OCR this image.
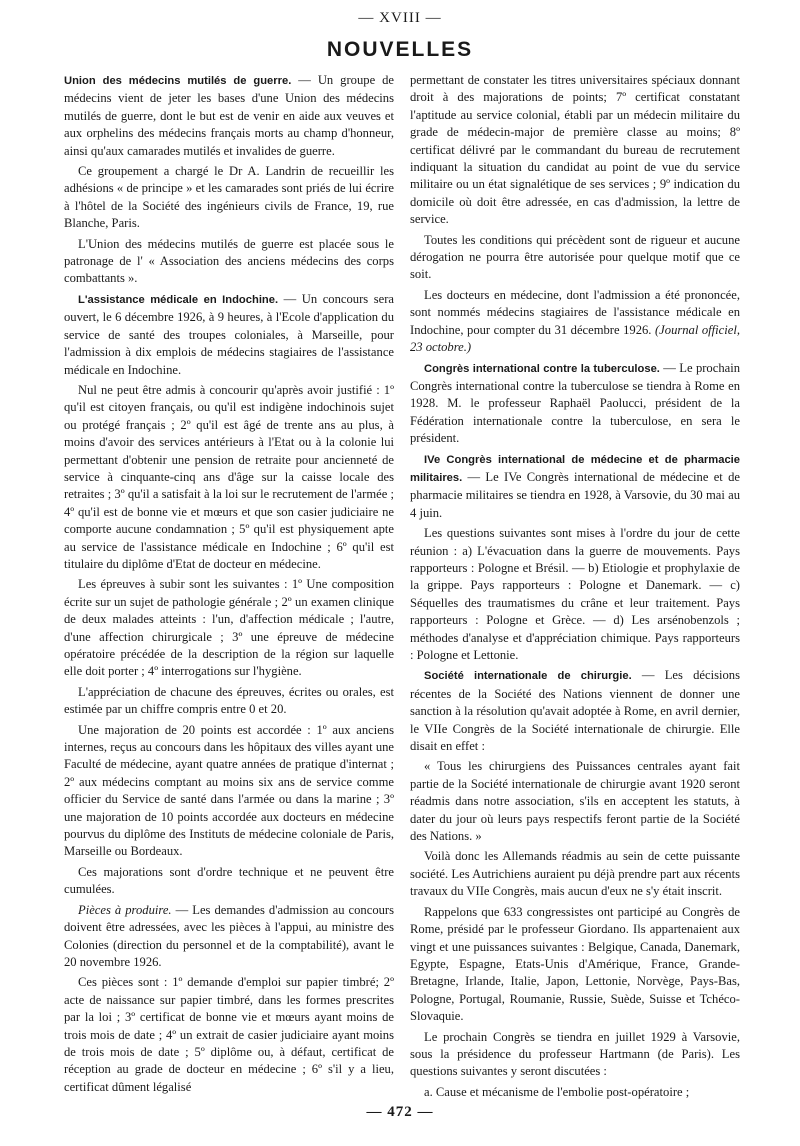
— XVIII —
NOUVELLES

Union des médecins mutilés de guerre. — Un groupe de médecins vient de jeter les bases d'une Union des médecins mutilés de guerre, dont le but est de venir en aide aux veuves et aux orphelins des médecins français morts au champ d'honneur, ainsi qu'aux camarades mutilés et invalides de guerre.

Ce groupement a chargé le Dr A. Landrin de recueillir les adhésions « de principe » et les camarades sont priés de lui écrire à l'hôtel de la Société des ingénieurs civils de France, 19, rue Blanche, Paris.

L'Union des médecins mutilés de guerre est placée sous le patronage de l' « Association des anciens médecins des corps combattants ».

L'assistance médicale en Indochine. — Un concours sera ouvert, le 6 décembre 1926, à 9 heures, à l'Ecole d'application du service de santé des troupes coloniales, à Marseille, pour l'admission à dix emplois de médecins stagiaires de l'assistance médicale en Indochine.

Nul ne peut être admis à concourir qu'après avoir justifié : 1º qu'il est citoyen français, ou qu'il est indigène indochinois sujet ou protégé français ; 2º qu'il est âgé de trente ans au plus, à moins d'avoir des services antérieurs à l'Etat ou à la colonie lui permettant d'obtenir une pension de retraite pour ancienneté de service à cinquante-cinq ans d'âge sur la caisse locale des retraites ; 3º qu'il a satisfait à la loi sur le recrutement de l'armée ; 4º qu'il est de bonne vie et mœurs et que son casier judiciaire ne comporte aucune condamnation ; 5º qu'il est physiquement apte au service de l'assistance médicale en Indochine ; 6º qu'il est titulaire du diplôme d'Etat de docteur en médecine.

Les épreuves à subir sont les suivantes : 1º Une composition écrite sur un sujet de pathologie générale ; 2º un examen clinique de deux malades atteints : l'un, d'affection médicale ; l'autre, d'une affection chirurgicale ; 3º une épreuve de médecine opératoire précédée de la description de la région sur laquelle elle doit porter ; 4º interrogations sur l'hygiène.

L'appréciation de chacune des épreuves, écrites ou orales, est estimée par un chiffre compris entre 0 et 20.

Une majoration de 20 points est accordée : 1º aux anciens internes, reçus au concours dans les hôpitaux des villes ayant une Faculté de médecine, ayant quatre années de pratique d'internat ; 2º aux médecins comptant au moins six ans de service comme officier du Service de santé dans l'armée ou dans la marine ; 3º une majoration de 10 points accordée aux docteurs en médecine pourvus du diplôme des Instituts de médecine coloniale de Paris, Marseille ou Bordeaux.

Ces majorations sont d'ordre technique et ne peuvent être cumulées.

Pièces à produire. — Les demandes d'admission au concours doivent être adressées, avec les pièces à l'appui, au ministre des Colonies (direction du personnel et de la comptabilité), avant le 20 novembre 1926.

Ces pièces sont : 1º demande d'emploi sur papier timbré; 2º acte de naissance sur papier timbré, dans les formes prescrites par la loi ; 3º certificat de bonne vie et mœurs ayant moins de trois mois de date ; 4º un extrait de casier judiciaire ayant moins de trois mois de date ; 5º diplôme ou, à défaut, certificat de réception au grade de docteur en médecine ; 6º s'il y a lieu, certificat dûment légalisé

permettant de constater les titres universitaires spéciaux donnant droit à des majorations de points; 7º certificat constatant l'aptitude au service colonial, établi par un médecin militaire du grade de médecin-major de première classe au moins; 8º certificat délivré par le commandant du bureau de recrutement indiquant la situation du candidat au point de vue du service militaire ou un état signalétique de ses services ; 9º indication du domicile où doit être adressée, en cas d'admission, la lettre de service.

Toutes les conditions qui précèdent sont de rigueur et aucune dérogation ne pourra être autorisée pour quelque motif que ce soit.

Les docteurs en médecine, dont l'admission a été prononcée, sont nommés médecins stagiaires de l'assistance médicale en Indochine, pour compter du 31 décembre 1926. (Journal officiel, 23 octobre.)

Congrès international contre la tuberculose. — Le prochain Congrès international contre la tuberculose se tiendra à Rome en 1928. M. le professeur Raphaël Paolucci, président de la Fédération internationale contre la tuberculose, en sera le président.

IVe Congrès international de médecine et de pharmacie militaires. — Le IVe Congrès international de médecine et de pharmacie militaires se tiendra en 1928, à Varsovie, du 30 mai au 4 juin.

Les questions suivantes sont mises à l'ordre du jour de cette réunion : a) L'évacuation dans la guerre de mouvements. Pays rapporteurs : Pologne et Brésil. — b) Etiologie et prophylaxie de la grippe. Pays rapporteurs : Pologne et Danemark. — c) Séquelles des traumatismes du crâne et leur traitement. Pays rapporteurs : Pologne et Grèce. — d) Les arsénobenzols ; méthodes d'analyse et d'appréciation chimique. Pays rapporteurs : Pologne et Lettonie.

Société internationale de chirurgie. — Les décisions récentes de la Société des Nations viennent de donner une sanction à la résolution qu'avait adoptée à Rome, en avril dernier, le VIIe Congrès de la Société internationale de chirurgie. Elle disait en effet :

« Tous les chirurgiens des Puissances centrales ayant fait partie de la Société internationale de chirurgie avant 1920 seront réadmis dans notre association, s'ils en acceptent les statuts, à dater du jour où leurs pays respectifs feront partie de la Société des Nations. »

Voilà donc les Allemands réadmis au sein de cette puissante société. Les Autrichiens auraient pu déjà prendre part aux récents travaux du VIIe Congrès, mais aucun d'eux ne s'y était inscrit.

Rappelons que 633 congressistes ont participé au Congrès de Rome, présidé par le professeur Giordano. Ils appartenaient aux vingt et une puissances suivantes : Belgique, Canada, Danemark, Egypte, Espagne, Etats-Unis d'Amérique, France, Grande-Bretagne, Irlande, Italie, Japon, Lettonie, Norvège, Pays-Bas, Pologne, Portugal, Roumanie, Russie, Suède, Suisse et Tchéco-Slovaquie.

Le prochain Congrès se tiendra en juillet 1929 à Varsovie, sous la présidence du professeur Hartmann (de Paris). Les questions suivantes y seront discutées :

a. Cause et mécanisme de l'embolie post-opératoire ;

— 472 —
